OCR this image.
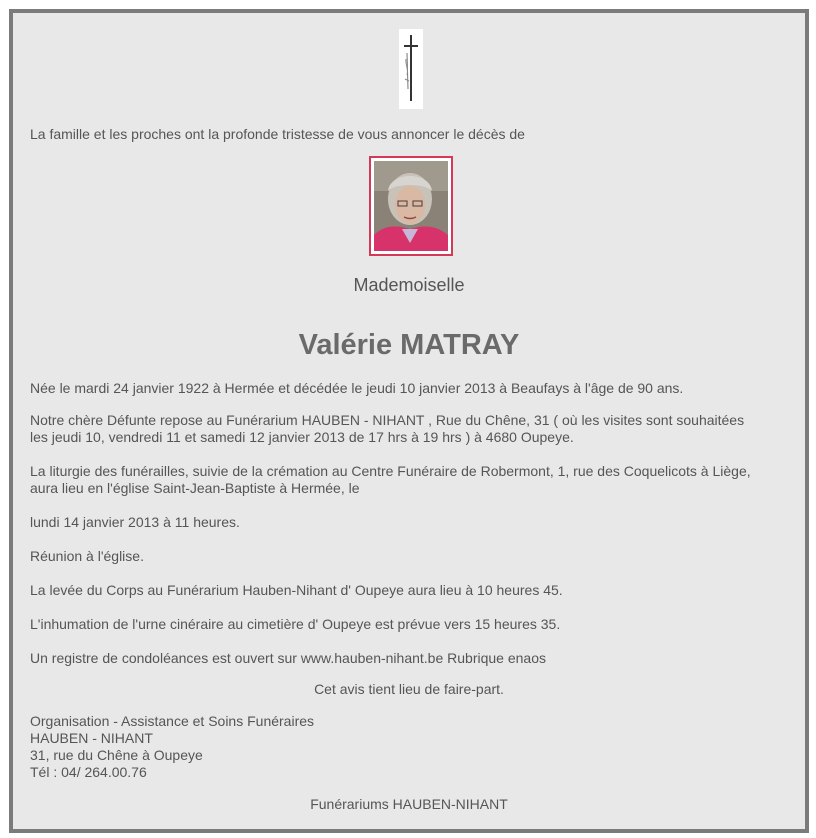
La famille et les proches ont la profonde tristesse de vous annoncer le décès de

Mademoiselle

Valérie MATRAY

Née le mardi 24 janvier 1922 à Hermée et décédée le jeudi 10 janvier 2013 à Beaufays à l'âge de 90 ans.

Notre chère Défunte repose au Funérarium HAUBEN - NIHANT , Rue du Chêne, 31 ( où les visites sont souhaitées

les jeudi 10, vendredi 11 et samedi 12 janvier 2013 de 17 hrs à 19 hrs ) à 4680 Oupeye.

La liturgie des funérailles, suivie de la crémation au Centre Funéraire de Robermont, 1, rue des Coquelicots à Liège,

aura lieu en l'église Saint-Jean-Baptiste à Hermée, le

lundi 14 janvier 2013 à 11 heures.

Réunion à l'église.

La levée du Corps au Funérarium Hauben-Nihant d' Oupeye aura lieu à 10 heures 45.

L'inhumation de l'urne cinéraire au cimetière d' Oupeye est prévue vers 15 heures 35.

Un registre de condoléances est ouvert sur www.hauben-nihant.be Rubrique enaos

Cet avis tient lieu de faire-part.

Organisation - Assistance et Soins Funéraires

HAUBEN - NIHANT

31, rue du Chêne à Oupeye

Tél : 04/ 264.00.76

Funérariums HAUBEN-NIHANT
